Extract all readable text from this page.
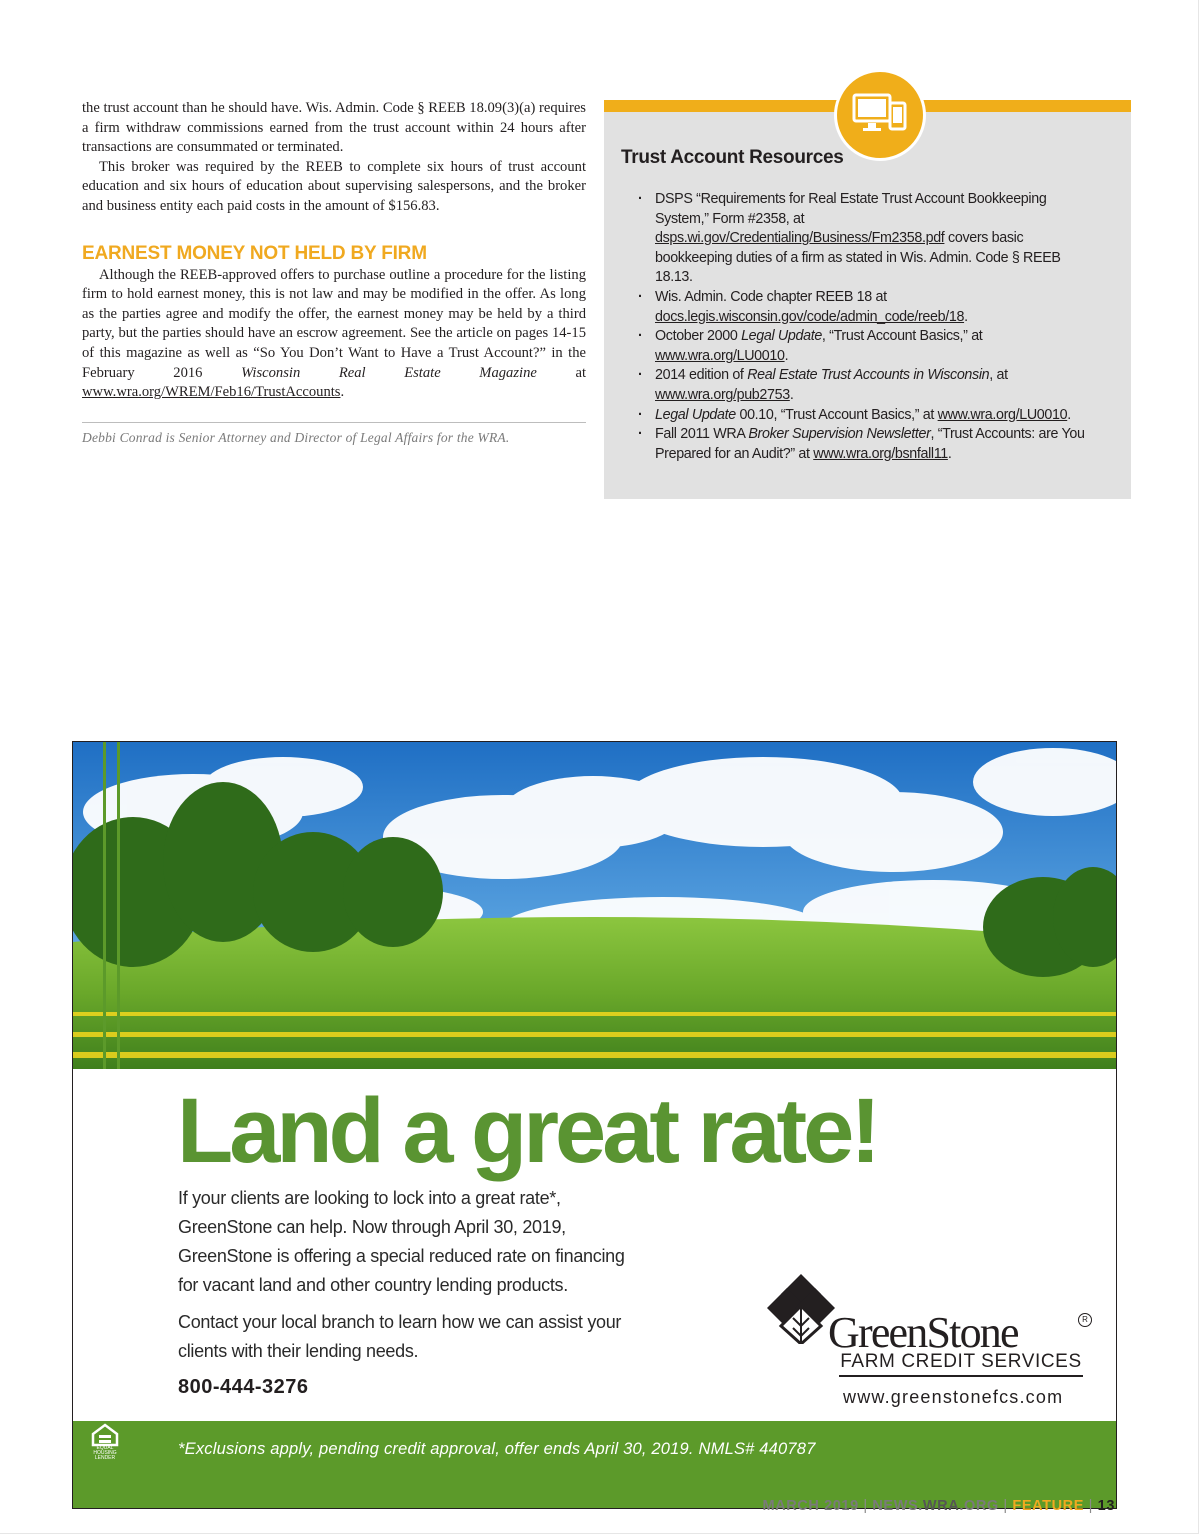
the trust account than he should have. Wis. Admin. Code § REEB 18.09(3)(a) requires a firm withdraw commissions earned from the trust account within 24 hours after transactions are consummated or terminated.

This broker was required by the REEB to complete six hours of trust account education and six hours of education about supervising salespersons, and the broker and business entity each paid costs in the amount of $156.83.

EARNEST MONEY NOT HELD BY FIRM

Although the REEB-approved offers to purchase outline a procedure for the listing firm to hold earnest money, this is not law and may be modified in the offer. As long as the parties agree and modify the offer, the earnest money may be held by a third party, but the parties should have an escrow agreement. See the article on pages 14-15 of this magazine as well as “So You Don’t Want to Have a Trust Account?” in the February 2016 Wisconsin Real Estate Magazine at www.wra.org/WREM/Feb16/TrustAccounts.

Debbi Conrad is Senior Attorney and Director of Legal Affairs for the WRA.
Trust Account Resources
· DSPS “Requirements for Real Estate Trust Account Bookkeeping System,” Form #2358, at dsps.wi.gov/Credentialing/Business/Fm2358.pdf covers basic bookkeeping duties of a firm as stated in Wis. Admin. Code § REEB 18.13.
· Wis. Admin. Code chapter REEB 18 at docs.legis.wisconsin.gov/code/admin_code/reeb/18.
· October 2000 Legal Update, “Trust Account Basics,” at www.wra.org/LU0010.
· 2014 edition of Real Estate Trust Accounts in Wisconsin, at www.wra.org/pub2753.
· Legal Update 00.10, “Trust Account Basics,” at www.wra.org/LU0010.
· Fall 2011 WRA Broker Supervision Newsletter, “Trust Accounts: are You Prepared for an Audit?” at www.wra.org/bsnfall11.
Land a great rate!

If your clients are looking to lock into a great rate*, GreenStone can help. Now through April 30, 2019, GreenStone is offering a special reduced rate on financing for vacant land and other country lending products.

Contact your local branch to learn how we can assist your clients with their lending needs.

800-444-3276

GreenStone	R
FARM CREDIT SERVICES
www.greenstonefcs.com
EQUAL HOUSING LENDER	*Exclusions apply, pending credit approval, offer ends April 30, 2019. NMLS# 440787
MARCH 2019 | NEWS.WRA.ORG | FEATURE | 13
